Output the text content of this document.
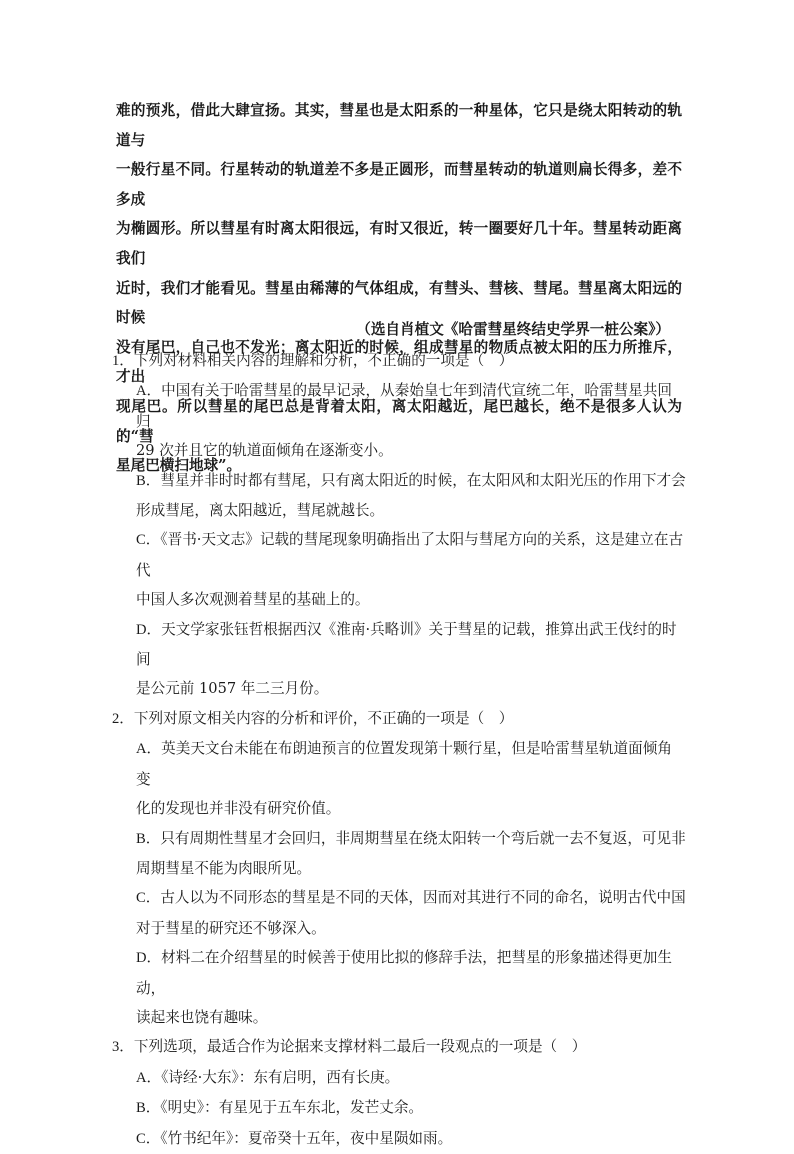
难的预兆，借此大肆宣扬。其实，彗星也是太阳系的一种星体，它只是绕太阳转动的轨道与

一般行星不同。行星转动的轨道差不多是正圆形，而彗星转动的轨道则扁长得多，差不多成

为椭圆形。所以彗星有时离太阳很远，有时又很近，转一圈要好几十年。彗星转动距离我们

近时，我们才能看见。彗星由稀薄的气体组成，有彗头、彗核、彗尾。彗星离太阳远的时候

没有尾巴，自己也不发光；离太阳近的时候，组成彗星的物质点被太阳的压力所推斥，才出

现尾巴。所以彗星的尾巴总是背着太阳，离太阳越近，尾巴越长，绝不是很多人认为的“彗

星尾巴横扫地球”。

（选自肖植文《哈雷彗星终结史学界一桩公案》）
1．下列对材料相关内容的理解和分析，不正确的一项是（　）
A．中国有关于哈雷彗星的最早记录，从秦始皇七年到清代宣统二年，哈雷彗星共回归
29 次并且它的轨道面倾角在逐渐变小。
B．彗星并非时时都有彗尾，只有离太阳近的时候，在太阳风和太阳光压的作用下才会
形成彗尾，离太阳越近，彗尾就越长。
C．《晋书·天文志》记载的彗尾现象明确指出了太阳与彗尾方向的关系，这是建立在古代
中国人多次观测着彗星的基础上的。
D．天文学家张钰哲根据西汉《淮南·兵略训》关于彗星的记载，推算出武王伐纣的时间
是公元前 1057 年二三月份。
2．下列对原文相关内容的分析和评价，不正确的一项是（　）
A．英美天文台未能在布朗迪预言的位置发现第十颗行星，但是哈雷彗星轨道面倾角变
化的发现也并非没有研究价值。
B．只有周期性彗星才会回归，非周期彗星在绕太阳转一个弯后就一去不复返，可见非
周期彗星不能为肉眼所见。
C．古人以为不同形态的彗星是不同的天体，因而对其进行不同的命名，说明古代中国
对于彗星的研究还不够深入。
D．材料二在介绍彗星的时候善于使用比拟的修辞手法，把彗星的形象描述得更加生动，
读起来也饶有趣味。
3．下列选项，最适合作为论据来支撑材料二最后一段观点的一项是（　）
A．《诗经·大东》：东有启明，西有长庚。
B．《明史》：有星见于五车东北，发芒丈余。
C．《竹书纪年》：夏帝癸十五年，夜中星陨如雨。
